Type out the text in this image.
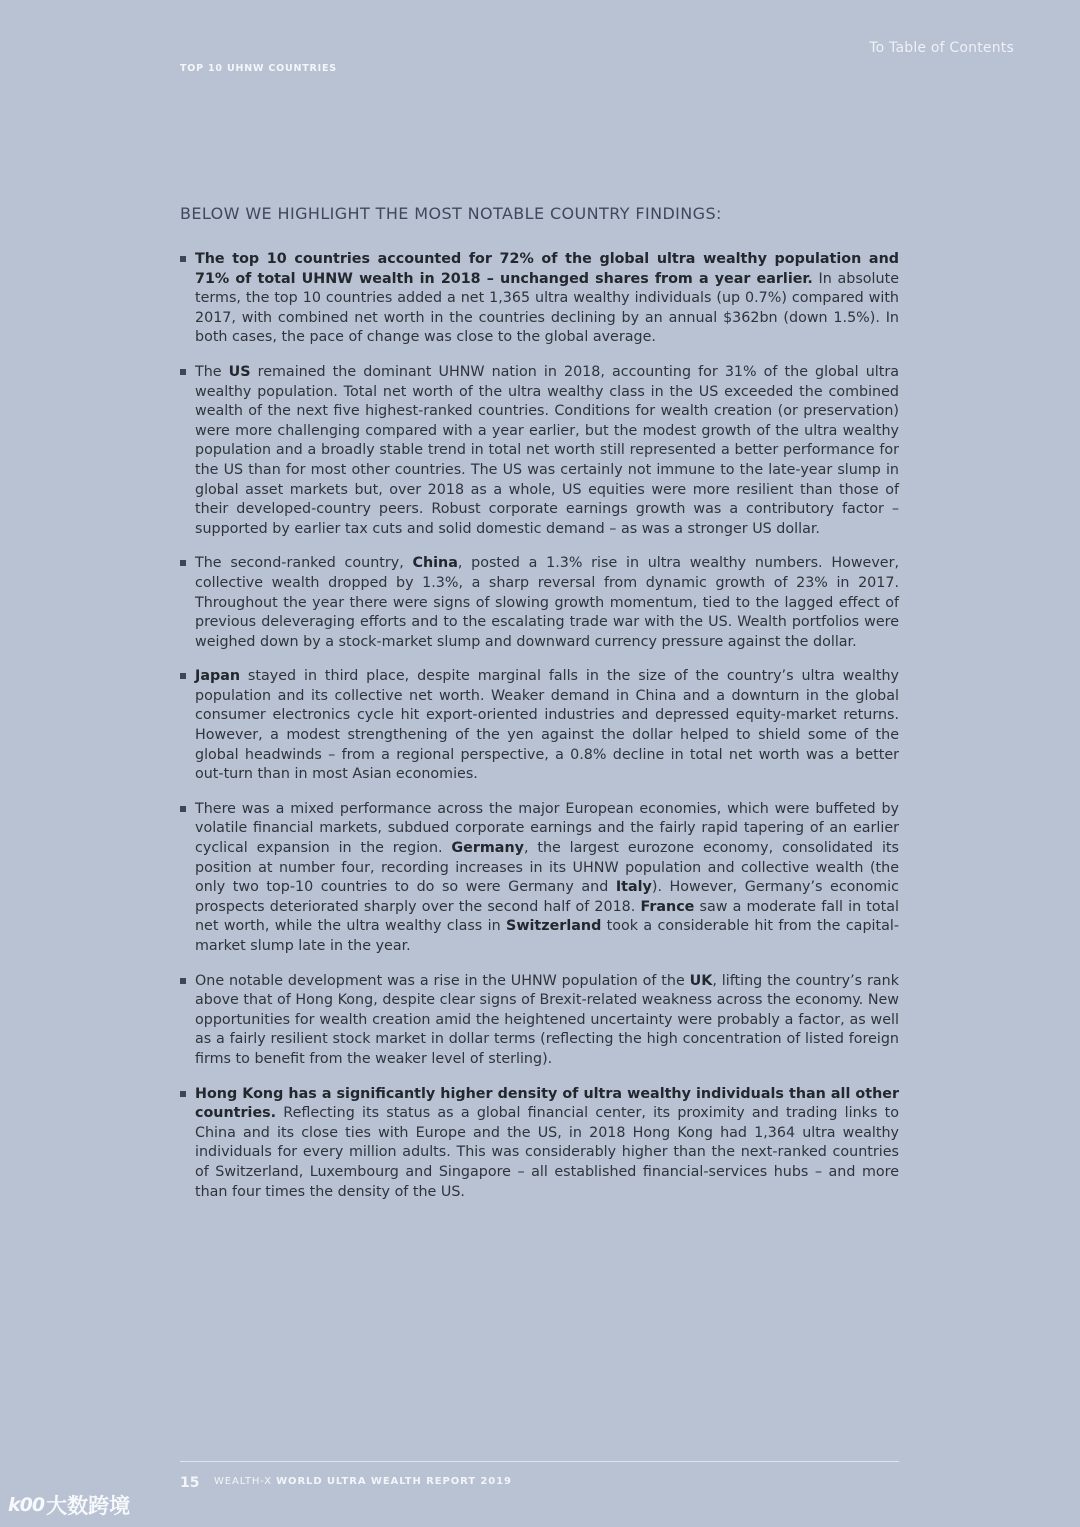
To Table of Contents
TOP 10 UHNW COUNTRIES
BELOW WE HIGHLIGHT THE MOST NOTABLE COUNTRY FINDINGS:
The top 10 countries accounted for 72% of the global ultra wealthy population and 71% of total UHNW wealth in 2018 – unchanged shares from a year earlier. In absolute terms, the top 10 countries added a net 1,365 ultra wealthy individuals (up 0.7%) compared with 2017, with combined net worth in the countries declining by an annual $362bn (down 1.5%). In both cases, the pace of change was close to the global average.
The US remained the dominant UHNW nation in 2018, accounting for 31% of the global ultra wealthy population. Total net worth of the ultra wealthy class in the US exceeded the combined wealth of the next five highest-ranked countries. Conditions for wealth creation (or preservation) were more challenging compared with a year earlier, but the modest growth of the ultra wealthy population and a broadly stable trend in total net worth still represented a better performance for the US than for most other countries. The US was certainly not immune to the late-year slump in global asset markets but, over 2018 as a whole, US equities were more resilient than those of their developed-country peers. Robust corporate earnings growth was a contributory factor – supported by earlier tax cuts and solid domestic demand – as was a stronger US dollar.
The second-ranked country, China, posted a 1.3% rise in ultra wealthy numbers. However, collective wealth dropped by 1.3%, a sharp reversal from dynamic growth of 23% in 2017. Throughout the year there were signs of slowing growth momentum, tied to the lagged effect of previous deleveraging efforts and to the escalating trade war with the US. Wealth portfolios were weighed down by a stock-market slump and downward currency pressure against the dollar.
Japan stayed in third place, despite marginal falls in the size of the country’s ultra wealthy population and its collective net worth. Weaker demand in China and a downturn in the global consumer electronics cycle hit export-oriented industries and depressed equity-market returns. However, a modest strengthening of the yen against the dollar helped to shield some of the global headwinds – from a regional perspective, a 0.8% decline in total net worth was a better out-turn than in most Asian economies.
There was a mixed performance across the major European economies, which were buffeted by volatile financial markets, subdued corporate earnings and the fairly rapid tapering of an earlier cyclical expansion in the region. Germany, the largest eurozone economy, consolidated its position at number four, recording increases in its UHNW population and collective wealth (the only two top-10 countries to do so were Germany and Italy). However, Germany’s economic prospects deteriorated sharply over the second half of 2018. France saw a moderate fall in total net worth, while the ultra wealthy class in Switzerland took a considerable hit from the capital-market slump late in the year.
One notable development was a rise in the UHNW population of the UK, lifting the country’s rank above that of Hong Kong, despite clear signs of Brexit-related weakness across the economy. New opportunities for wealth creation amid the heightened uncertainty were probably a factor, as well as a fairly resilient stock market in dollar terms (reflecting the high concentration of listed foreign firms to benefit from the weaker level of sterling).
Hong Kong has a significantly higher density of ultra wealthy individuals than all other countries. Reflecting its status as a global financial center, its proximity and trading links to China and its close ties with Europe and the US, in 2018 Hong Kong had 1,364 ultra wealthy individuals for every million adults. This was considerably higher than the next-ranked countries of Switzerland, Luxembourg and Singapore – all established financial-services hubs – and more than four times the density of the US.
15 WEALTH-X WORLD ULTRA WEALTH REPORT 2019
k00 大数跨境
